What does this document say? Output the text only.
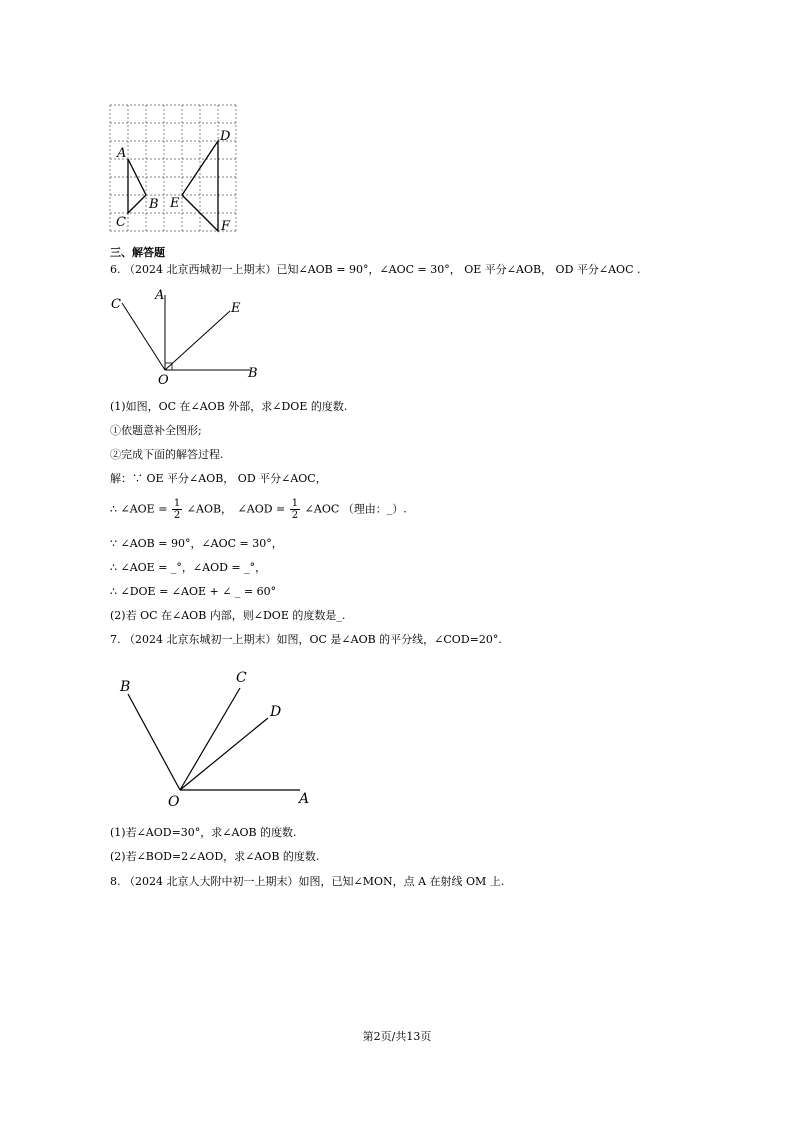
A
B
C
D
E
F
三、解答题
6. （2024 北京西城初一上期末）已知∠AOB = 90°，∠AOC = 30°， OE 平分∠AOB， OD 平分∠AOC .
C
A
E
O	B
(1)如图，OC 在∠AOB 外部，求∠DOE 的度数.
①依题意补全图形;
②完成下面的解答过程.
解：∵ OE 平分∠AOB， OD 平分∠AOC，
∴ ∠AOE = $\frac{1}{2}$ ∠AOB，　∠AOD = $\frac{1}{2}$ ∠AOC （理由：_）.
∵ ∠AOB = 90°，∠AOC = 30°，
∴ ∠AOE = _°，∠AOD = _°，
∴ ∠DOE = ∠AOE + ∠ _ = 60°
(2)若 OC 在∠AOB 内部，则∠DOE 的度数是_.
7. （2024 北京东城初一上期末）如图，OC 是∠AOB 的平分线，∠COD=20°.
B
C
D
O	A
(1)若∠AOD=30°，求∠AOB 的度数.
(2)若∠BOD=2∠AOD，求∠AOB 的度数.
8. （2024 北京人大附中初一上期末）如图，已知∠MON，点 A 在射线 OM 上.
第2页/共13页
